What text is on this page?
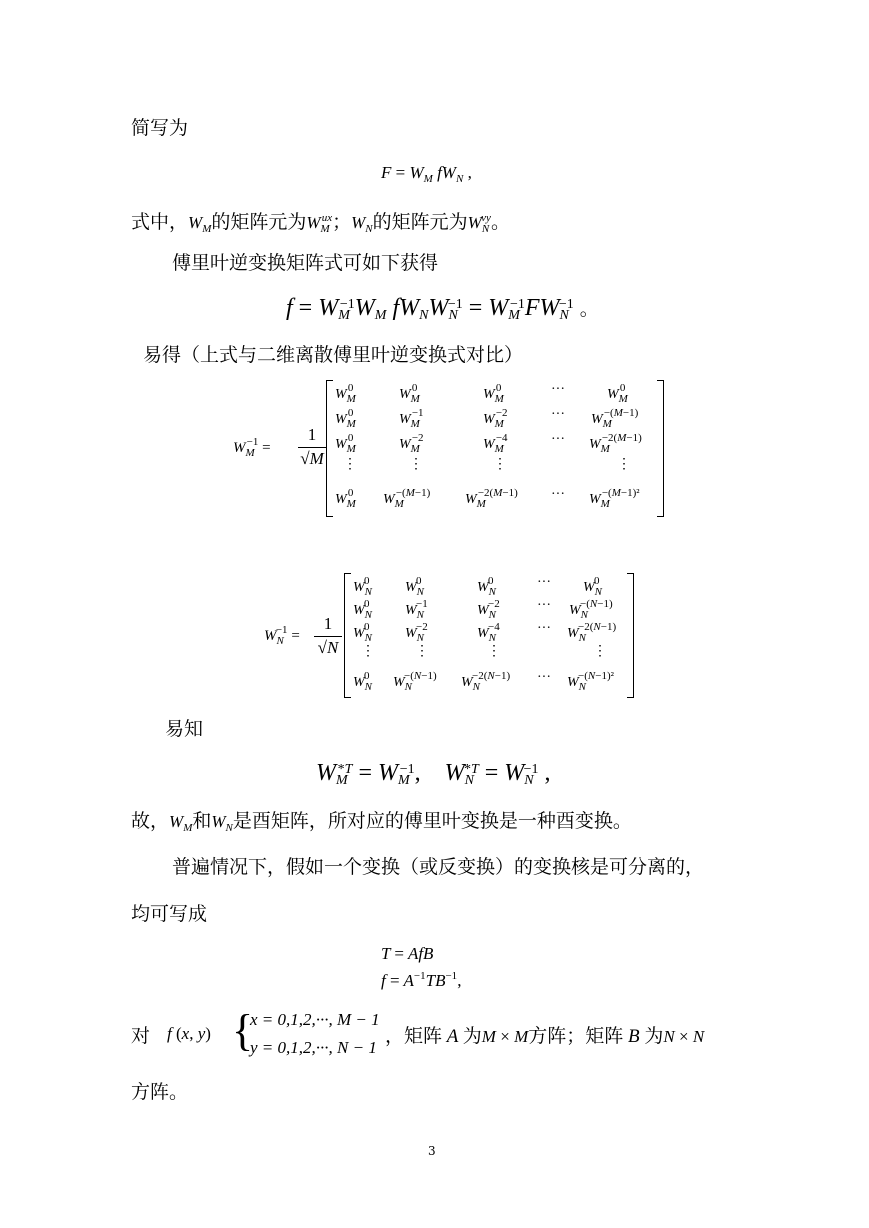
简写为
$F = W_M$ $fW_N$ ,
式中，$W_M$的矩阵元为$W_M^{ux}$；$W_N$的矩阵元为$W_N^{vy}$。
傅里叶逆变换矩阵式可如下获得
$f = W_M^{-1}W_M$ $fW_NW_N^{-1} = W_M^{-1}FW_N^{-1}$ 。
易得（上式与二维离散傅里叶逆变换式对比）
$W_M^{-1}$ =
1
√M
$W_M^0$	$W_M^0$	$W_M^0$	···	$W_M^0$
$W_M^0$	$W_M^{-1}$	$W_M^{-2}$	··· $W_M^{-(M-1)}$
$W_M^0$	$W_M^{-2}$	$W_M^{-4}$	··· $W_M^{-2(M-1)}$
⋮	⋮	⋮	⋮
$W_M^0$ $W_M^{-(M-1)}$ $W_M^{-2(M-1)}$ ··· $W_M^{-(M-1)^2}$
$W_N^{-1}$ =
1
√N
$W_N^0$	$W_N^0$	$W_N^0$	··· $W_N^0$
$W_N^0$	$W_N^{-1}$	$W_N^{-2}$	··· $W_N^{-(N-1)}$
$W_N^0$	$W_N^{-2}$	$W_N^{-4}$	··· $W_N^{-2(N-1)}$
⋮	⋮	⋮	⋮
$W_N^0$ $W_N^{-(N-1)}$ $W_N^{-2(N-1)}$ ··· $W_N^{-(N-1)^2}$
易知
$W_M^{*T} = W_M^{-1}$,    $W_N^{*T} = W_N^{-1}$ ,
故，$W_M$和$W_N$是酉矩阵，所对应的傅里叶变换是一种酉变换。
普遍情况下，假如一个变换（或反变换）的变换核是可分离的，
均可写成
T = AfB
$f = A^{-1}TB^{-1}$,
对 f (x, y) {
x = 0,1,2,···, M − 1
y = 0,1,2,···, N − 1
，矩阵 A 为M × M方阵；矩阵 B 为N × N
方阵。
3
